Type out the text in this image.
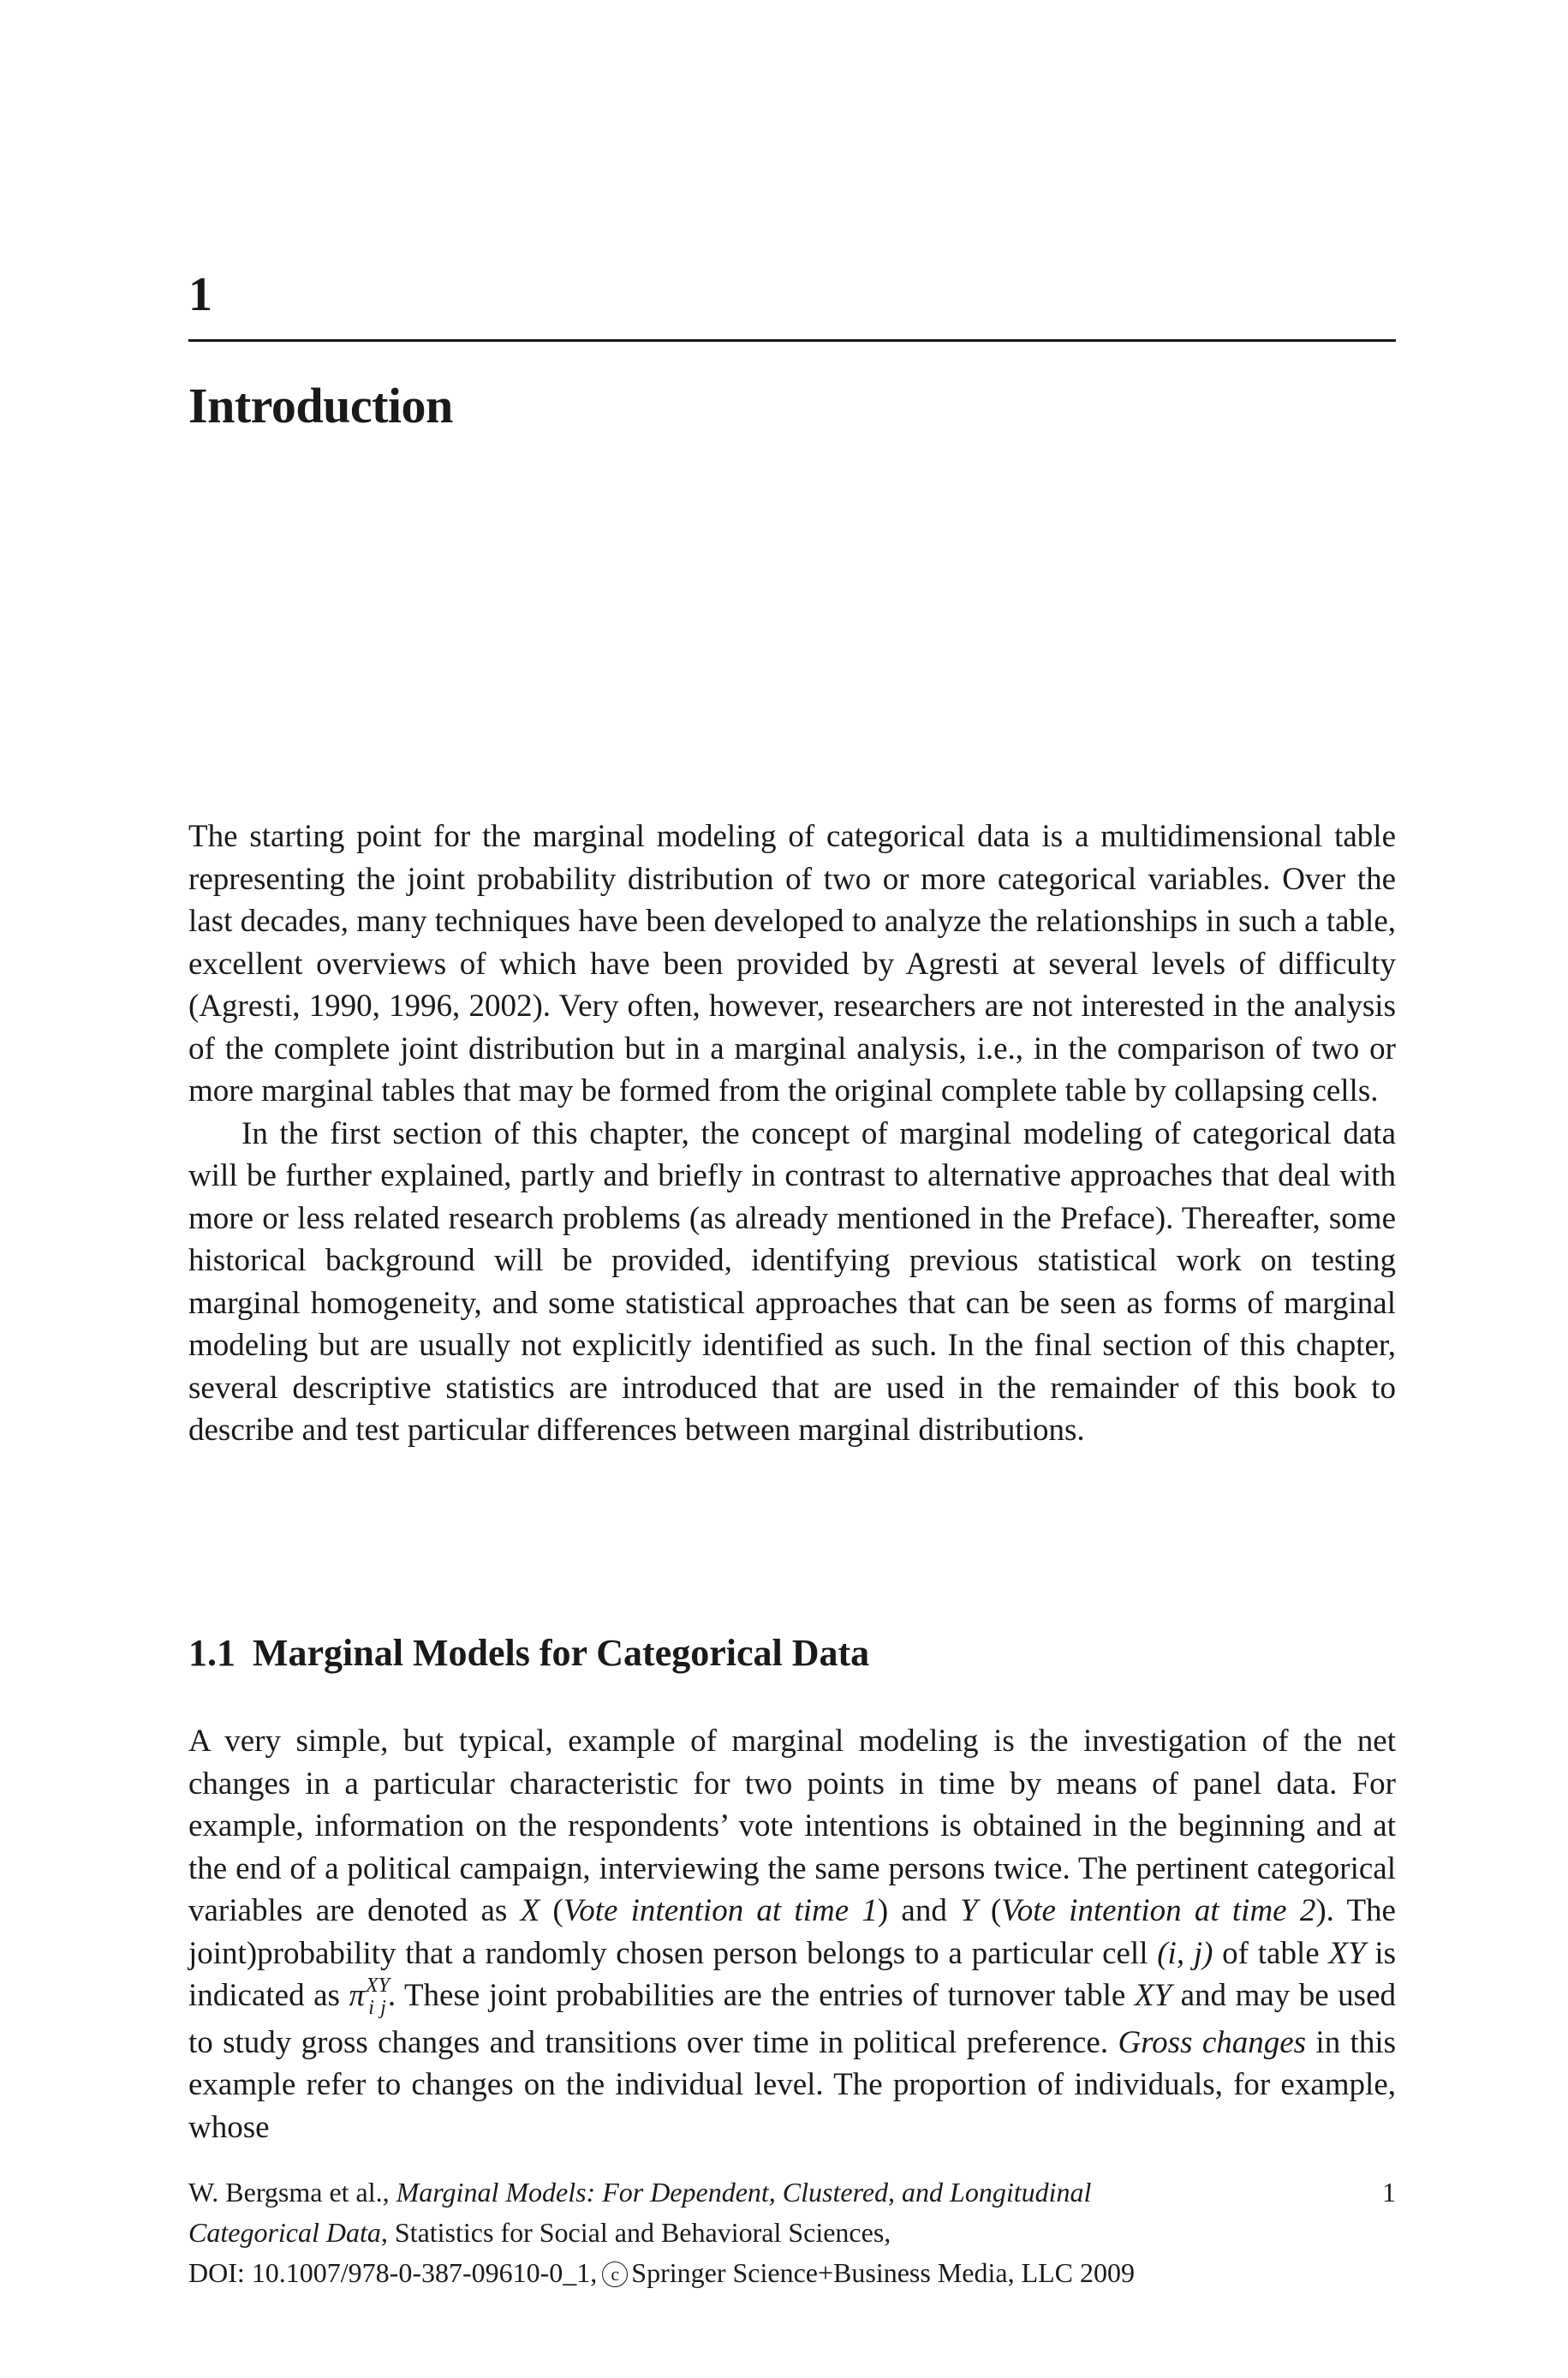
1
Introduction

The starting point for the marginal modeling of categorical data is a multidimensional table representing the joint probability distribution of two or more categorical variables. Over the last decades, many techniques have been developed to analyze the relationships in such a table, excellent overviews of which have been provided by Agresti at several levels of difficulty (Agresti, 1990, 1996, 2002). Very often, however, researchers are not interested in the analysis of the complete joint distribution but in a marginal analysis, i.e., in the comparison of two or more marginal tables that may be formed from the original complete table by collapsing cells.

In the first section of this chapter, the concept of marginal modeling of categorical data will be further explained, partly and briefly in contrast to alternative approaches that deal with more or less related research problems (as already mentioned in the Preface). Thereafter, some historical background will be provided, identifying previous statistical work on testing marginal homogeneity, and some statistical approaches that can be seen as forms of marginal modeling but are usually not explicitly identified as such. In the final section of this chapter, several descriptive statistics are introduced that are used in the remainder of this book to describe and test particular differences between marginal distributions.

1.1 Marginal Models for Categorical Data

A very simple, but typical, example of marginal modeling is the investigation of the net changes in a particular characteristic for two points in time by means of panel data. For example, information on the respondents’ vote intentions is obtained in the beginning and at the end of a political campaign, interviewing the same persons twice. The pertinent categorical variables are denoted as X (Vote intention at time 1) and Y (Vote intention at time 2). The joint)probability that a randomly chosen person belongs to a particular cell (i, j) of table XY is indicated as $\pi^{XY}_{i j}$. These joint probabilities are the entries of turnover table XY and may be used to study gross changes and transitions over time in political preference. Gross changes in this example refer to changes on the individual level. The proportion of individuals, for example, whose

W. Bergsma et al., Marginal Models: For Dependent, Clustered, and Longitudinal
Categorical Data, Statistics for Social and Behavioral Sciences,
DOI: 10.1007/978-0-387-09610-0_1, c Springer Science+Business Media, LLC 2009
1
